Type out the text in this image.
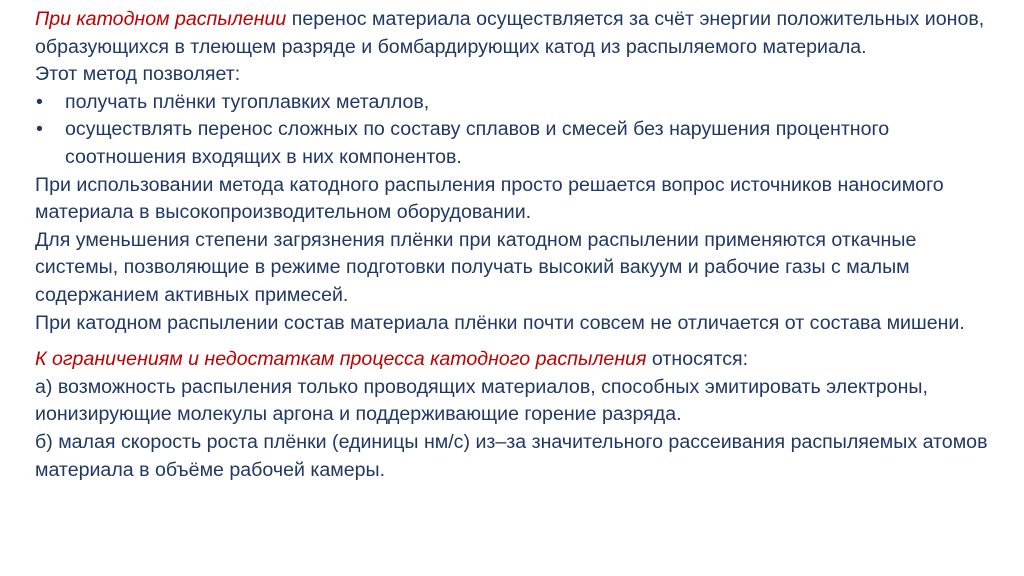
При катодном распылении перенос материала осуществляется за счёт энергии положительных ионов, образующихся в тлеющем разряде и бомбардирующих катод из распыляемого материала.

Этот метод позволяет:

• получать плёнки тугоплавких металлов,

• осуществлять перенос сложных по составу сплавов и смесей без нарушения процентного соотношения входящих в них компонентов.

При использовании метода катодного распыления просто решается вопрос источников наносимого материала в высокопроизводительном оборудовании.

Для уменьшения степени загрязнения плёнки при катодном распылении применяются откачные системы, позволяющие в режиме подготовки получать высокий вакуум и рабочие газы с малым содержанием активных примесей.

При катодном распылении состав материала плёнки почти совсем не отличается от состава мишени.

К ограничениям и недостаткам процесса катодного распыления относятся:

а) возможность распыления только проводящих материалов, способных эмитировать электроны, ионизирующие молекулы аргона и поддерживающие горение разряда.

б) малая скорость роста плёнки (единицы нм/с) из–за значительного рассеивания распыляемых атомов материала в объёме рабочей камеры.
